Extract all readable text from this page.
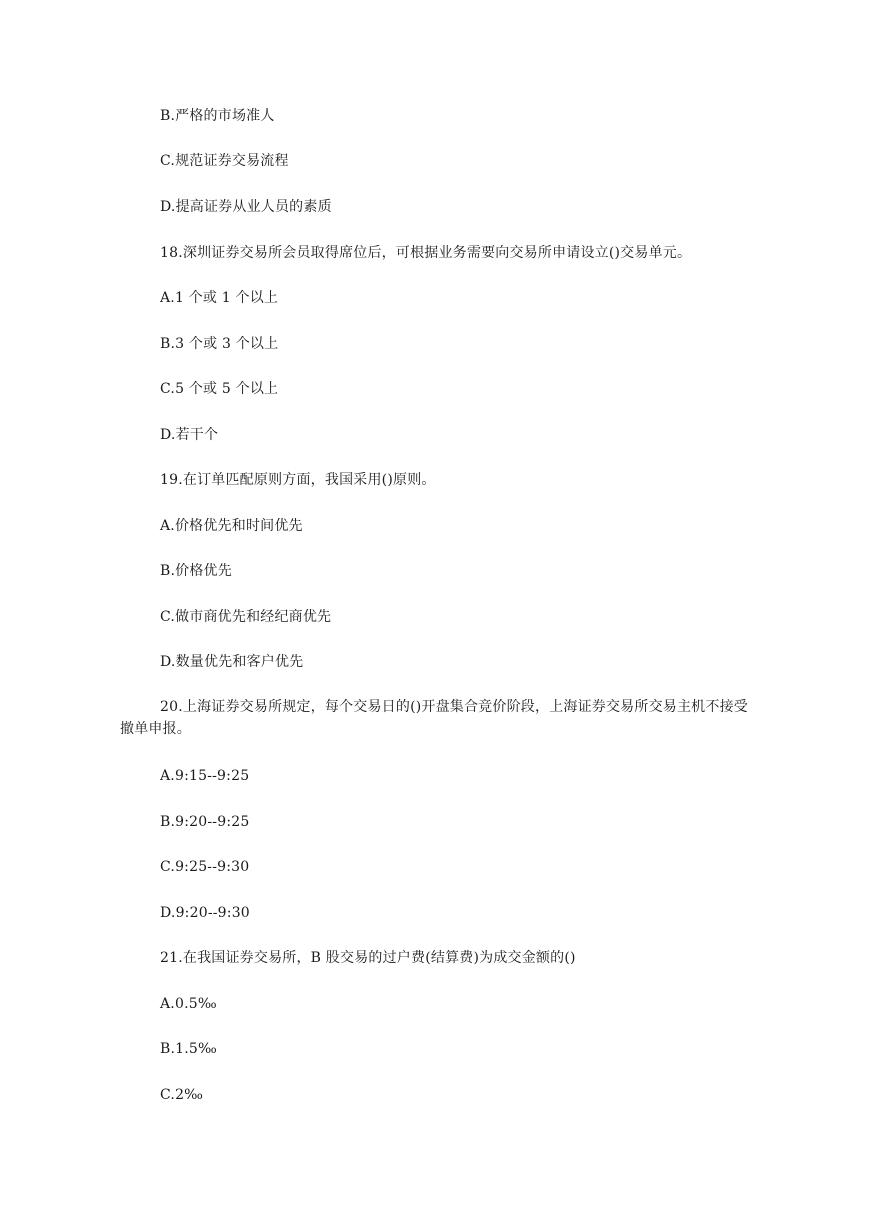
B.严格的市场准人
C.规范证券交易流程
D.提高证券从业人员的素质
18.深圳证券交易所会员取得席位后，可根据业务需要向交易所申请设立()交易单元。
A.1 个或 1 个以上
B.3 个或 3 个以上
C.5 个或 5 个以上
D.若干个
19.在订单匹配原则方面，我国采用()原则。
A.价格优先和时间优先
B.价格优先
C.做市商优先和经纪商优先
D.数量优先和客户优先
20.上海证券交易所规定，每个交易日的()开盘集合竞价阶段，上海证券交易所交易主机不接受撤单申报。
A.9:15--9:25
B.9:20--9:25
C.9:25--9:30
D.9:20--9:30
21.在我国证券交易所，B 股交易的过户费(结算费)为成交金额的()
A.0.5‰
B.1.5‰
C.2‰
